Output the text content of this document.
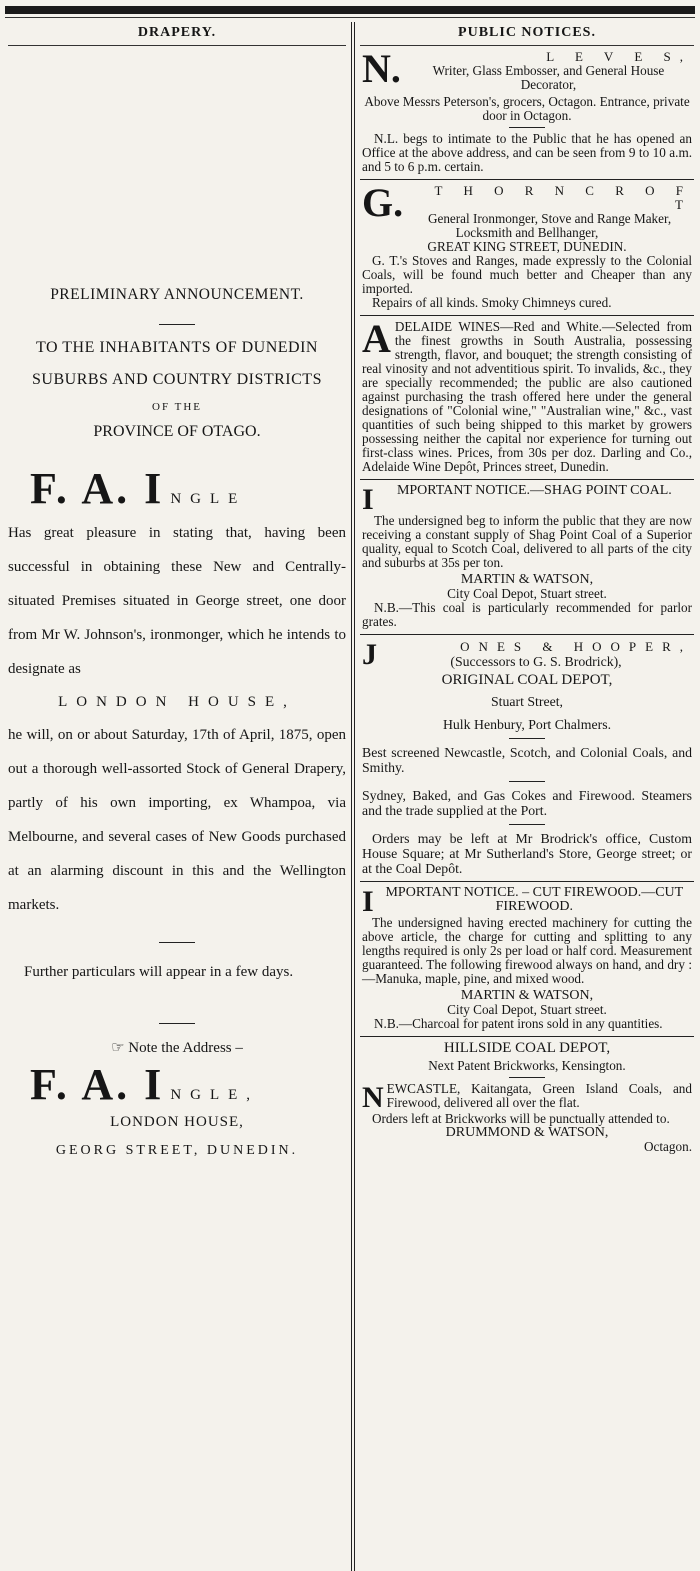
DRAPERY.
PRELIMINARY ANNOUNCEMENT.
TO THE INHABITANTS OF DUNEDIN
SUBURBS AND COUNTRY DISTRICTS
OF THE
PROVINCE OF OTAGO.
F. A. I NGLE
Has great pleasure in stating that, having been successful in obtaining these New and Centrally-situated Premises situated in George street, one door from Mr W. Johnson's, ironmonger, which he intends to designate as
LONDON HOUSE,
he will, on or about Saturday, 17th of April, 1875, open out a thorough well-assorted Stock of General Drapery, partly of his own importing, ex Whampoa, via Melbourne, and several cases of New Goods purchased at an alarming discount in this and the Wellington markets.
Further particulars will appear in a few days.
☞ Note the Address –
F. A. I NGLE,
LONDON HOUSE,
GEORG STREET, DUNEDIN.
PUBLIC NOTICES.
N.	L E V E S,

Writer, Glass Embosser, and General House Decorator,

Above Messrs Peterson's, grocers, Octagon. Entrance, private door in Octagon.

N.L. begs to intimate to the Public that he has opened an Office at the above address, and can be seen from 9 to 10 a.m. and 5 to 6 p.m. certain.

G.	T H O R N C R O F T

General Ironmonger, Stove and Range Maker, Locksmith and Bellhanger,

GREAT KING STREET, DUNEDIN.

G. T.'s Stoves and Ranges, made expressly to the Colonial Coals, will be found much better and Cheaper than any imported.

Repairs of all kinds. Smoky Chimneys cured.

A DELAIDE WINES—Red and White.—Selected from the finest growths in South Australia, possessing strength, flavor, and bouquet; the strength consisting of real vinosity and not adventitious spirit. To invalids, &c., they are specially recommended; the public are also cautioned against purchasing the trash offered here under the general designations of "Colonial wine," "Australian wine," &c., vast quantities of such being shipped to this market by growers possessing neither the capital nor experience for turning out first-class wines. Prices, from 30s per doz. Darling and Co., Adelaide Wine Depôt, Princes street, Dunedin.

I	MPORTANT NOTICE.—SHAG POINT COAL.

The undersigned beg to inform the public that they are now receiving a constant supply of Shag Point Coal of a Superior quality, equal to Scotch Coal, delivered to all parts of the city and suburbs at 35s per ton.

MARTIN & WATSON,

City Coal Depot, Stuart street.

N.B.—This coal is particularly recommended for parlor grates.

J	ONES & HOOPER,

(Successors to G. S. Brodrick),

ORIGINAL COAL DEPOT,

Stuart Street,

Hulk Henbury, Port Chalmers.

Best screened Newcastle, Scotch, and Colonial Coals, and Smithy.

Sydney, Baked, and Gas Cokes and Firewood. Steamers and the trade supplied at the Port.

Orders may be left at Mr Brodrick's office, Custom House Square; at Mr Sutherland's Store, George street; or at the Coal Depôt.

I MPORTANT NOTICE. – CUT FIREWOOD.—CUT FIREWOOD.

The undersigned having erected machinery for cutting the above article, the charge for cutting and splitting to any lengths required is only 2s per load or half cord. Measurement guaranteed. The following firewood always on hand, and dry :—Manuka, maple, pine, and mixed wood.

MARTIN & WATSON,

City Coal Depot, Stuart street.

N.B.—Charcoal for patent irons sold in any quantities.

HILLSIDE COAL DEPOT,

Next Patent Brickworks, Kensington.

N EWCASTLE, Kaitangata, Green Island Coals, and Firewood, delivered all over the flat.

Orders left at Brickworks will be punctually attended to.

DRUMMOND & WATSON,

Octagon.
